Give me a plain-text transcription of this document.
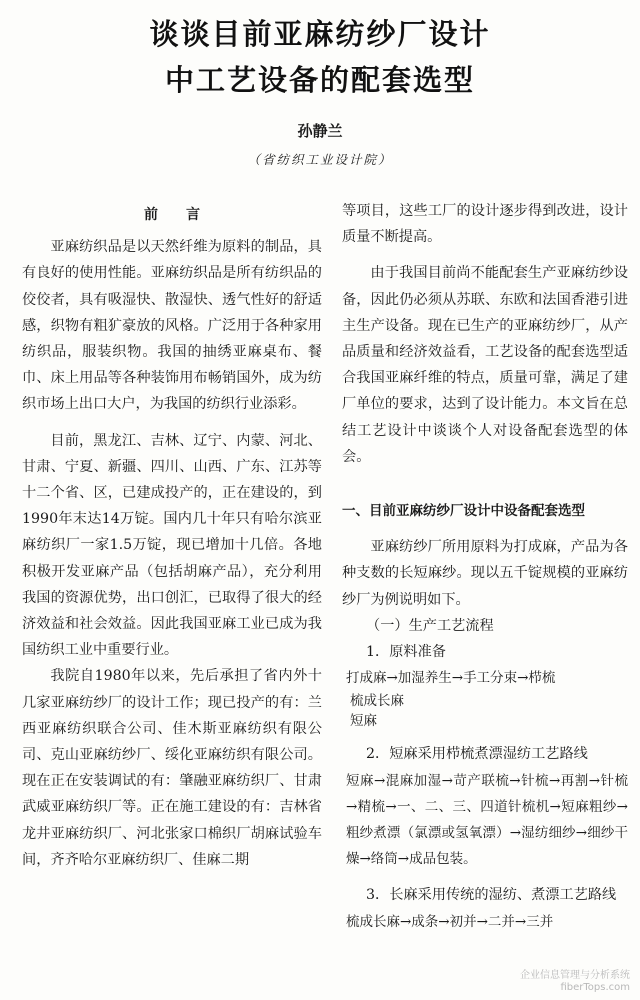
谈谈目前亚麻纺纱厂设计
中工艺设备的配套选型
孙静兰
（省纺织工业设计院）
前　　言

亚麻纺织品是以天然纤维为原料的制品，具有良好的使用性能。亚麻纺织品是所有纺织品的佼佼者，具有吸湿快、散湿快、透气性好的舒适感，织物有粗犷豪放的风格。广泛用于各种家用纺织品，服装织物。我国的抽绣亚麻桌布、餐巾、床上用品等各种装饰用布畅销国外，成为纺织市场上出口大户，为我国的纺织行业添彩。

目前，黑龙江、吉林、辽宁、内蒙、河北、甘肃、宁夏、新疆、四川、山西、广东、江苏等十二个省、区，已建成投产的，正在建设的，到1990年末达14万锭。国内几十年只有哈尔滨亚麻纺织厂一家1.5万锭，现已增加十几倍。各地积极开发亚麻产品（包括胡麻产品），充分利用我国的资源优势，出口创汇，已取得了很大的经济效益和社会效益。因此我国亚麻工业已成为我国纺织工业中重要行业。

我院自1980年以来，先后承担了省内外十几家亚麻纺纱厂的设计工作；现已投产的有：兰西亚麻纺织联合公司、佳木斯亚麻纺织有限公司、克山亚麻纺纱厂、绥化亚麻纺织有限公司。现在正在安装调试的有：肇融亚麻纺织厂、甘肃武威亚麻纺织厂等。正在施工建设的有：吉林省龙井亚麻纺织厂、河北张家口棉织厂胡麻试验车间，齐齐哈尔亚麻纺织厂、佳麻二期

等项目，这些工厂的设计逐步得到改进，设计质量不断提高。

由于我国目前尚不能配套生产亚麻纺纱设备，因此仍必须从苏联、东欧和法国香港引进主生产设备。现在已生产的亚麻纺纱厂，从产品质量和经济效益看，工艺设备的配套选型适合我国亚麻纤维的特点，质量可靠，满足了建厂单位的要求，达到了设计能力。本文旨在总结工艺设计中谈谈个人对设备配套选型的体会。

一、目前亚麻纺纱厂设计中设备配套选型

亚麻纺纱厂所用原料为打成麻，产品为各种支数的长短麻纱。现以五千锭规模的亚麻纺纱厂为例说明如下。

（一）生产工艺流程
1．原料准备
打成麻→加湿养生→手工分束→栉梳
梳成长麻
短麻
2．短麻采用栉梳煮漂湿纺工艺路线
短麻→混麻加湿→苛产联梳→针梳→再割→针梳→精梳→一、二、三、四道针梳机→短麻粗纱→粗纱煮漂（氯漂或氢氧漂）→湿纺细纱→细纱干燥→络筒→成品包装。
3．长麻采用传统的湿纺、煮漂工艺路线
梳成长麻→成条→初并→二并→三并
企业信息管理与分析系统
fiberTops.com
